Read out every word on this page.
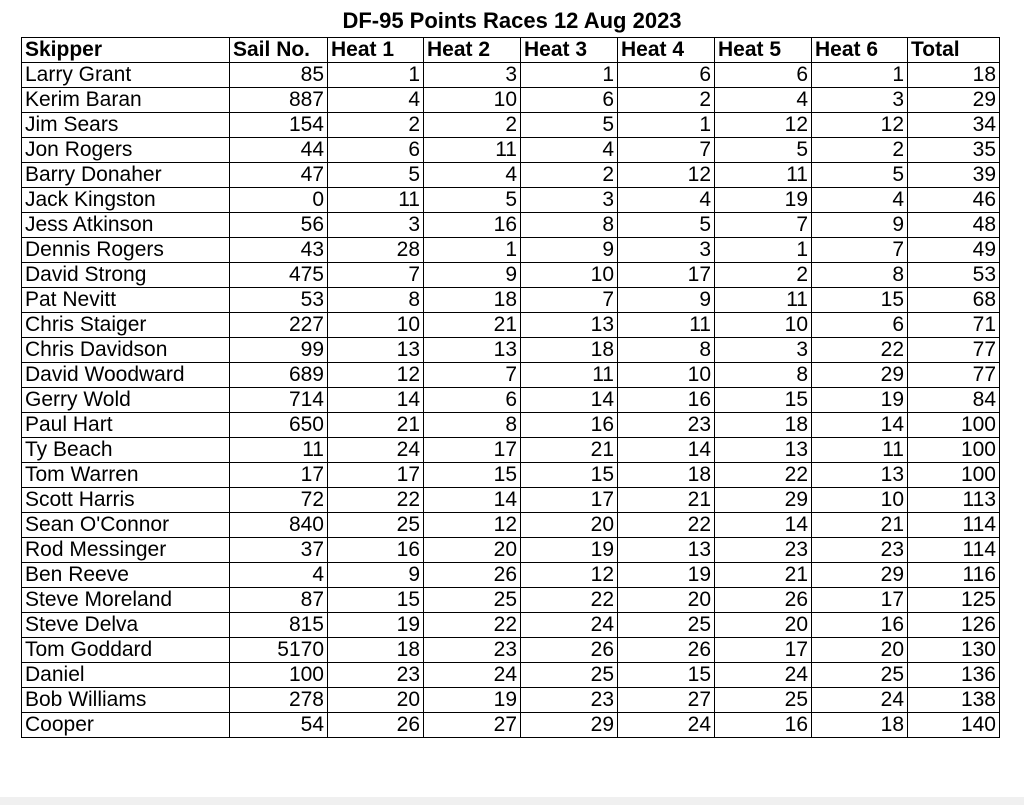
DF-95 Points Races 12 Aug 2023
Skipper	Sail No.	Heat 1	Heat 2	Heat 3	Heat 4	Heat 5	Heat 6	Total
Larry Grant	85	1	3	1	6	6	1	18
Kerim Baran	887	4	10	6	2	4	3	29
Jim Sears	154	2	2	5	1	12	12	34
Jon Rogers	44	6	11	4	7	5	2	35
Barry Donaher	47	5	4	2	12	11	5	39
Jack Kingston	0	11	5	3	4	19	4	46
Jess Atkinson	56	3	16	8	5	7	9	48
Dennis Rogers	43	28	1	9	3	1	7	49
David Strong	475	7	9	10	17	2	8	53
Pat Nevitt	53	8	18	7	9	11	15	68
Chris Staiger	227	10	21	13	11	10	6	71
Chris Davidson	99	13	13	18	8	3	22	77
David Woodward	689	12	7	11	10	8	29	77
Gerry Wold	714	14	6	14	16	15	19	84
Paul Hart	650	21	8	16	23	18	14	100
Ty Beach	11	24	17	21	14	13	11	100
Tom Warren	17	17	15	15	18	22	13	100
Scott Harris	72	22	14	17	21	29	10	113
Sean O'Connor	840	25	12	20	22	14	21	114
Rod Messinger	37	16	20	19	13	23	23	114
Ben Reeve	4	9	26	12	19	21	29	116
Steve Moreland	87	15	25	22	20	26	17	125
Steve Delva	815	19	22	24	25	20	16	126
Tom Goddard	5170	18	23	26	26	17	20	130
Daniel	100	23	24	25	15	24	25	136
Bob Williams	278	20	19	23	27	25	24	138
Cooper	54	26	27	29	24	16	18	140
